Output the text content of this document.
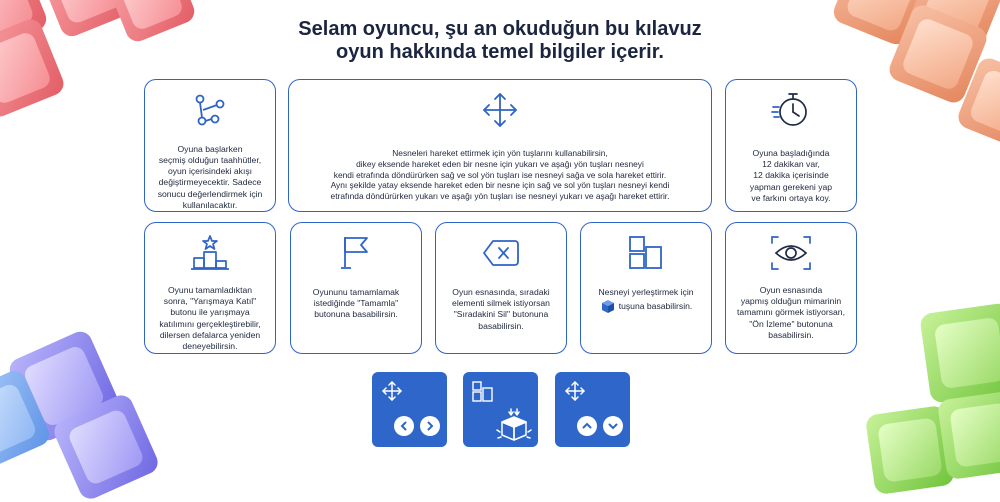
Selam oyuncu, şu an okuduğun bu kılavuz
oyun hakkında temel bilgiler içerir.
Oyuna başlarken
seçmiş olduğun taahhütler,
oyun içerisindeki akışı
değiştirmeyecektir. Sadece
sonucu değerlendirmek için
kullanılacaktır.
Nesneleri hareket ettirmek için yön tuşlarını kullanabilirsin,
dikey eksende hareket eden bir nesne için yukarı ve aşağı yön tuşları nesneyi
kendi etrafında döndürürken sağ ve sol yön tuşları ise nesneyi sağa ve sola hareket ettirir.
Aynı şekilde yatay eksende hareket eden bir nesne için sağ ve sol yön tuşları nesneyi kendi
etrafında döndürürken yukarı ve aşağı yön tuşları ise nesneyi yukarı ve aşağı hareket ettirir.
Oyuna başladığında
12 dakikan var,
12 dakika içerisinde
yapman gerekeni yap
ve farkını ortaya koy.
Oyunu tamamladıktan
sonra, "Yarışmaya Katıl"
butonu ile yarışmaya
katılımını gerçekleştirebilir,
dilersen defalarca yeniden
deneyebilirsin.
Oyununu tamamlamak
istediğinde "Tamamla"
butonuna basabilirsin.
Oyun esnasında, sıradaki
elementi silmek istiyorsan
"Sıradakini Sil" butonuna
basabilirsin.
Nesneyi yerleştirmek için
tuşuna basabilirsin.
Oyun esnasında
yapmış olduğun mimarinin
tamamını görmek istiyorsan,
"Ön İzleme" butonuna
basabilirsin.
